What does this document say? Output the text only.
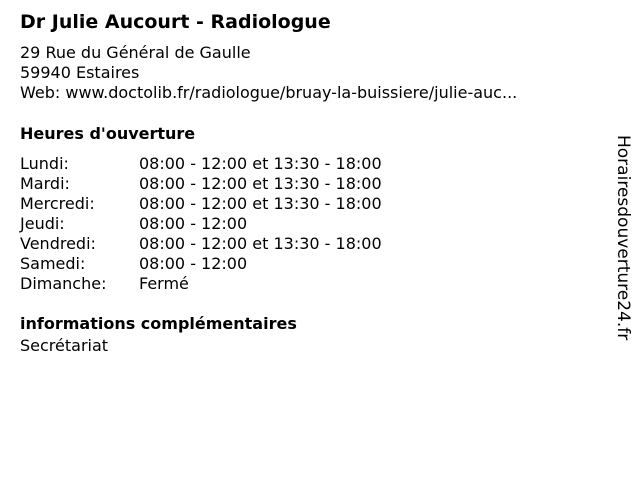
Dr Julie Aucourt - Radiologue
29 Rue du Général de Gaulle
59940 Estaires
Web: www.doctolib.fr/radiologue/bruay-la-buissiere/julie-auc...
Heures d'ouverture
Lundi:	08:00 - 12:00 et 13:30 - 18:00
Mardi:	08:00 - 12:00 et 13:30 - 18:00
Mercredi:	08:00 - 12:00 et 13:30 - 18:00
Jeudi:	08:00 - 12:00
Vendredi:	08:00 - 12:00 et 13:30 - 18:00
Samedi:	08:00 - 12:00
Dimanche: Fermé
informations complémentaires
Secrétariat
Horairesdouverture24.fr
